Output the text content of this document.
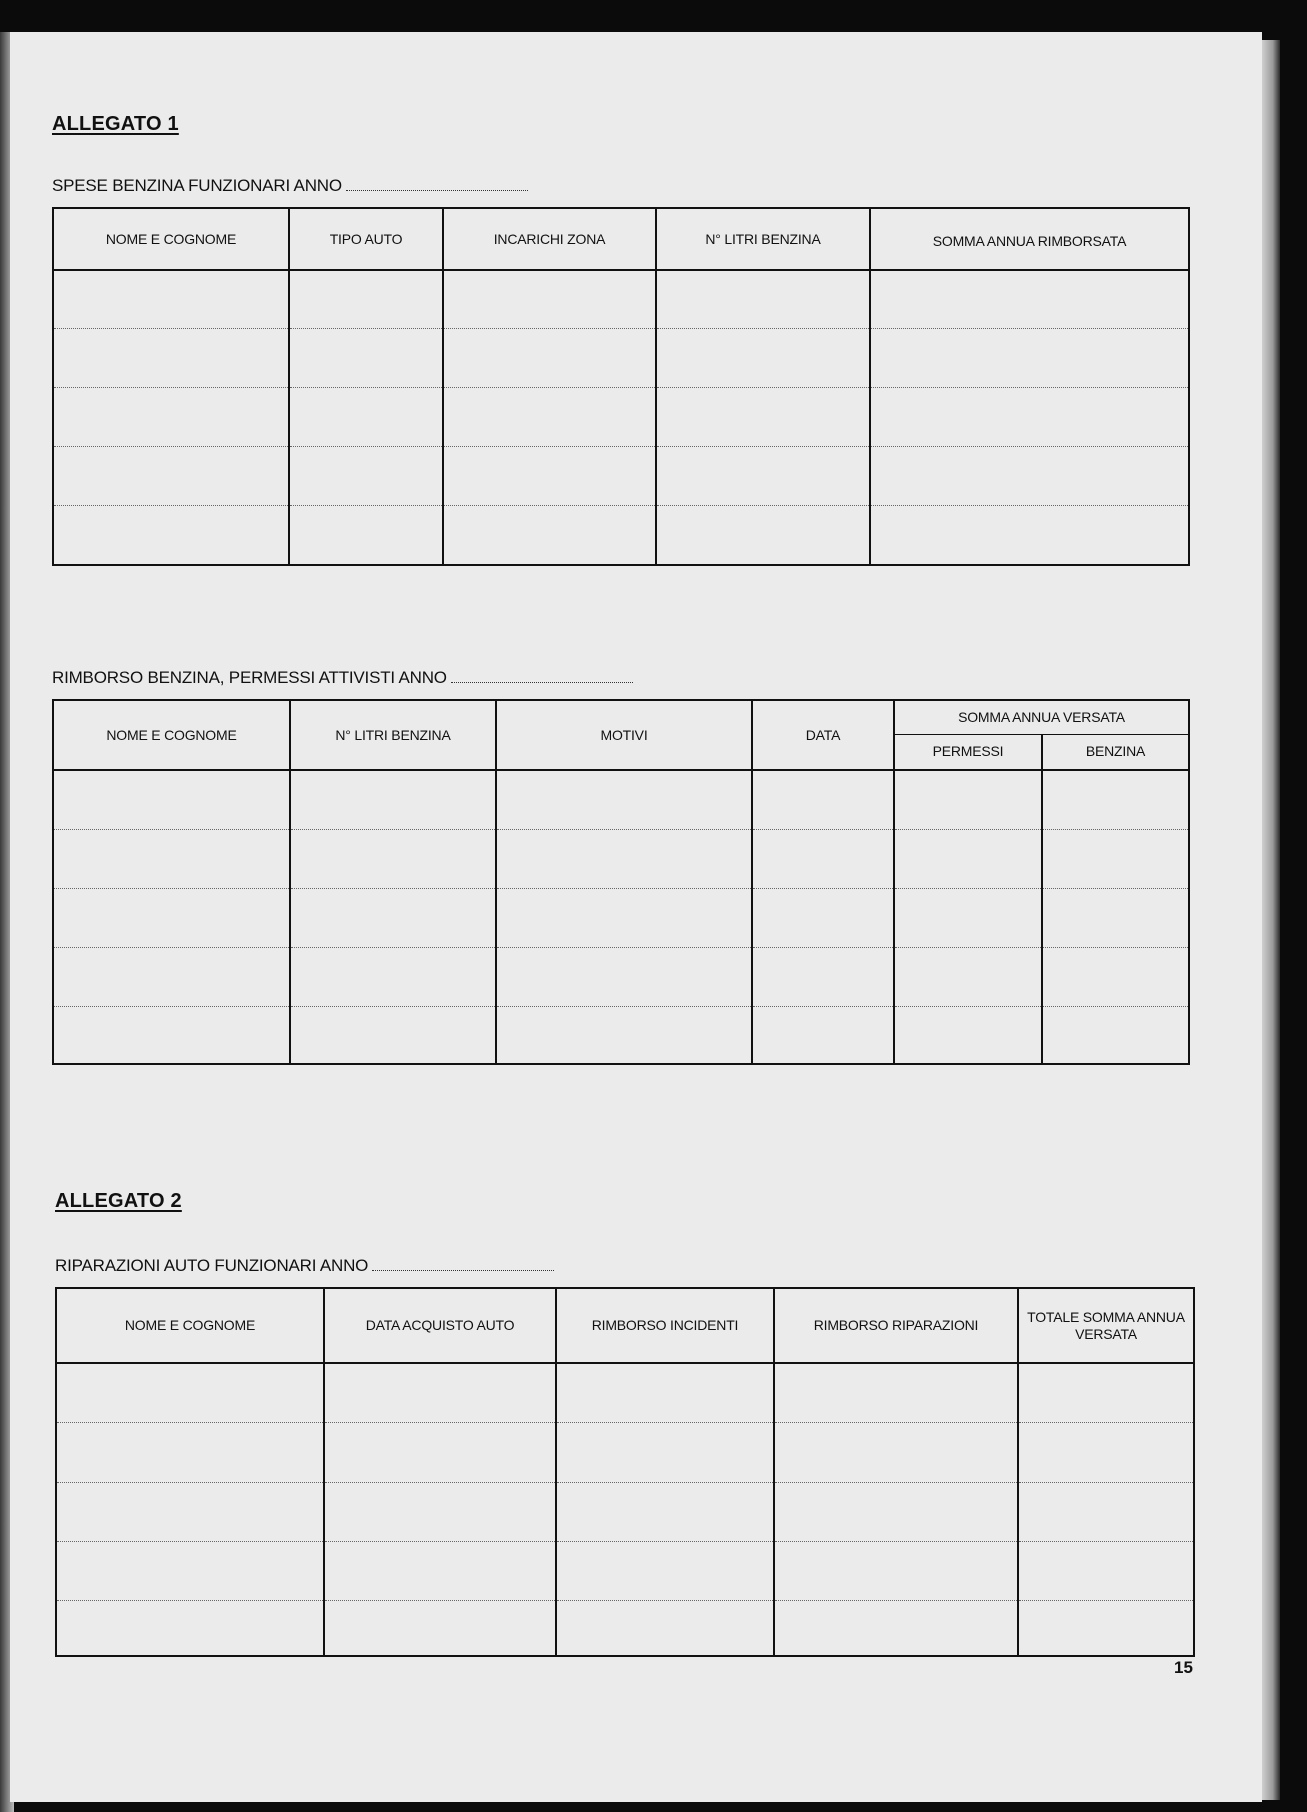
ALLEGATO 1
SPESE BENZINA FUNZIONARI ANNO
NOME E COGNOME	TIPO AUTO	INCARICHI ZONA	N° LITRI BENZINA	SOMMA ANNUA RIMBORSATA

RIMBORSO BENZINA, PERMESSI ATTIVISTI ANNO
NOME E COGNOME	N° LITRI BENZINA	MOTIVI	DATA	SOMMA ANNUA VERSATA	
				PERMESSI	BENZINA

ALLEGATO 2
RIPARAZIONI AUTO FUNZIONARI ANNO
NOME E COGNOME	DATA ACQUISTO AUTO	RIMBORSO INCIDENTI	RIMBORSO RIPARAZIONI	TOTALE SOMMA ANNUA VERSATA

15
